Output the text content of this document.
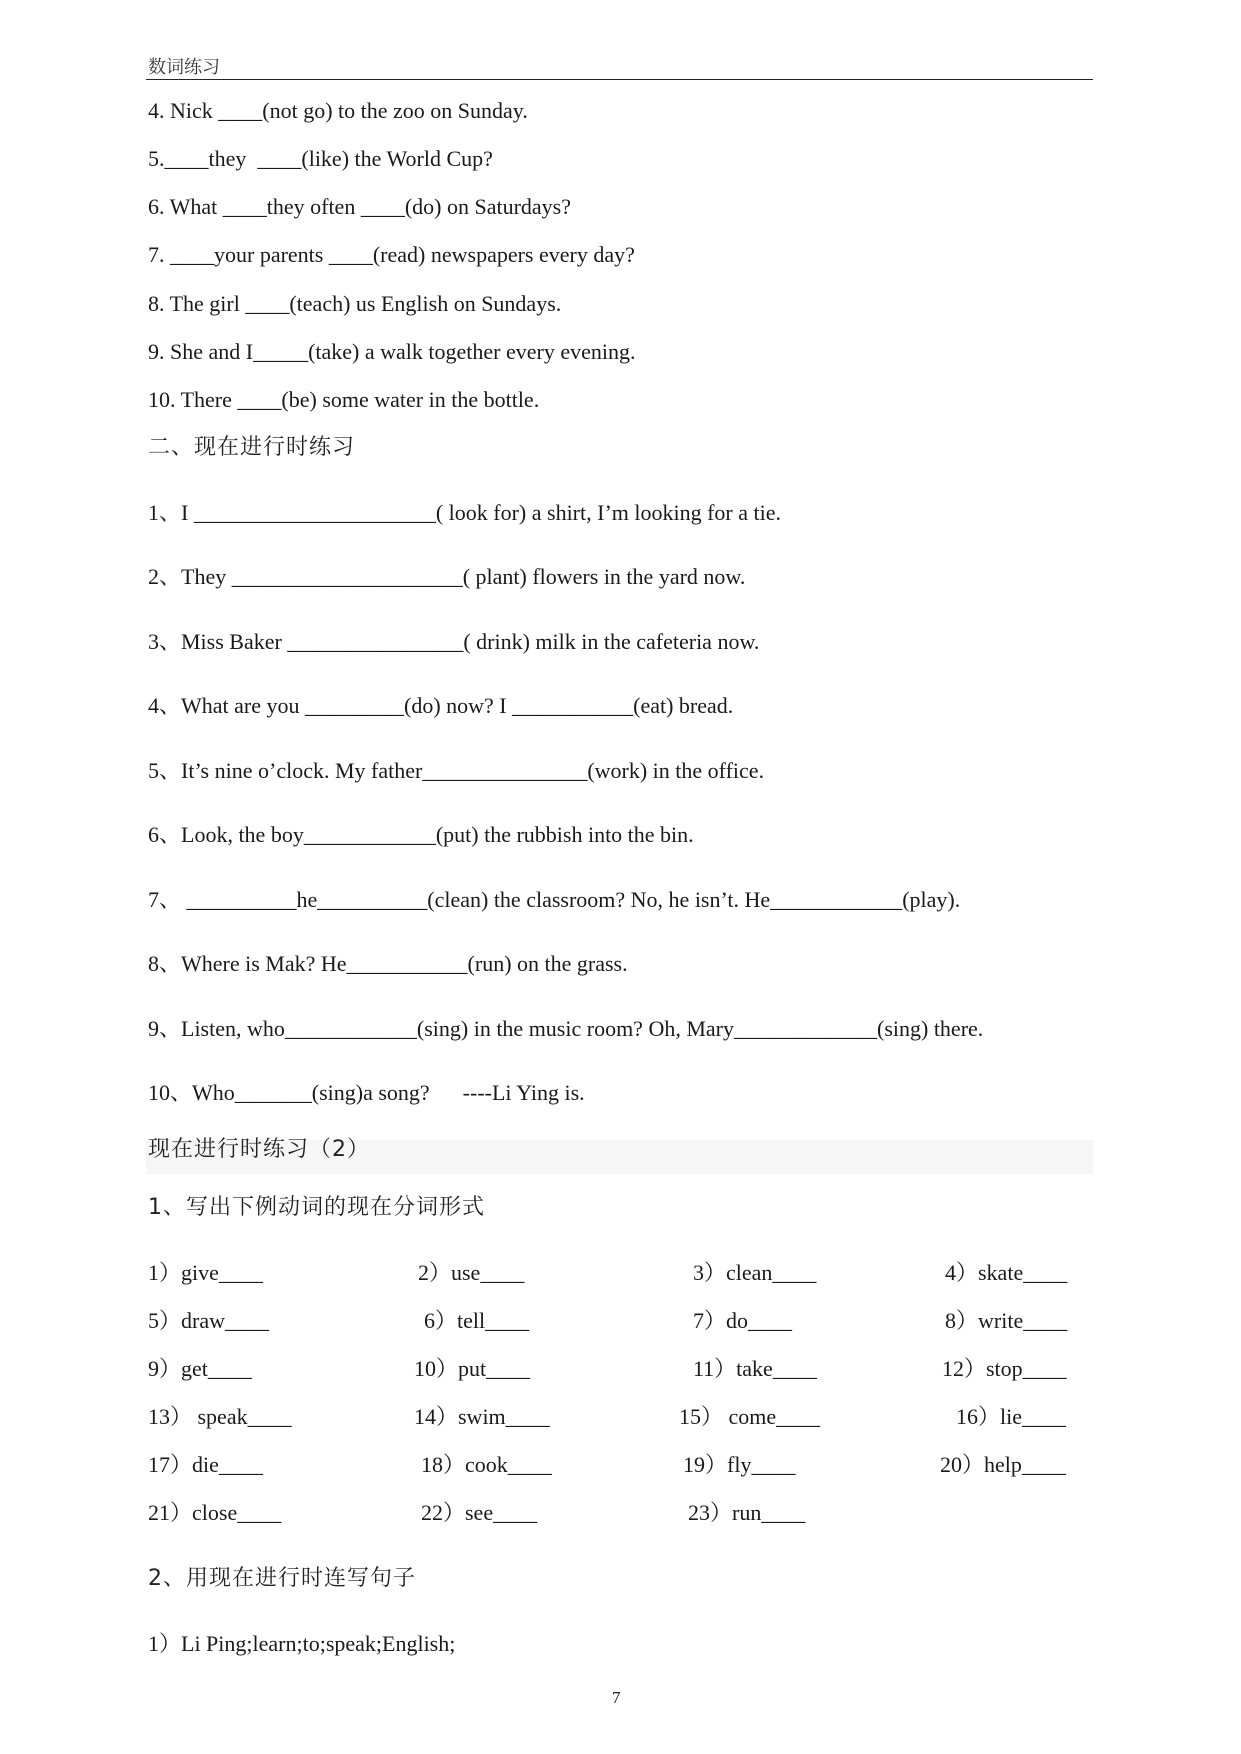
数词练习
4. Nick ____(not go) to the zoo on Sunday.
5.____they  ____(like) the World Cup?
6. What ____they often ____(do) on Saturdays?
7. ____your parents ____(read) newspapers every day?
8. The girl ____(teach) us English on Sundays.
9. She and I_____(take) a walk together every evening.
10. There ____(be) some water in the bottle.
二、现在进行时练习
1、I ______________________( look for) a shirt, I’m looking for a tie.
2、They _____________________( plant) flowers in the yard now.
3、Miss Baker ________________( drink) milk in the cafeteria now.
4、What are you _________(do) now? I ___________(eat) bread.
5、It’s nine o’clock. My father_______________(work) in the office.
6、Look, the boy____________(put) the rubbish into the bin.
7、 __________he__________(clean) the classroom? No, he isn’t. He____________(play).
8、Where is Mak? He___________(run) on the grass.
9、Listen, who____________(sing) in the music room? Oh, Mary_____________(sing) there.
10、Who_______(sing)a song?      ----Li Ying is.
现在进行时练习（2）
1、写出下例动词的现在分词形式
1）give____	2）use____	3）clean____	4）skate____
5）draw____	6）tell____	7）do____	8）write____
9）get____	10）put____	11）take____	12）stop____
13） speak____	14）swim____	15） come____	16）lie____
17）die____	18）cook____	19）fly____	20）help____
21）close____	22）see____	23）run____
2、用现在进行时连写句子
1）Li Ping;learn;to;speak;English;
7
